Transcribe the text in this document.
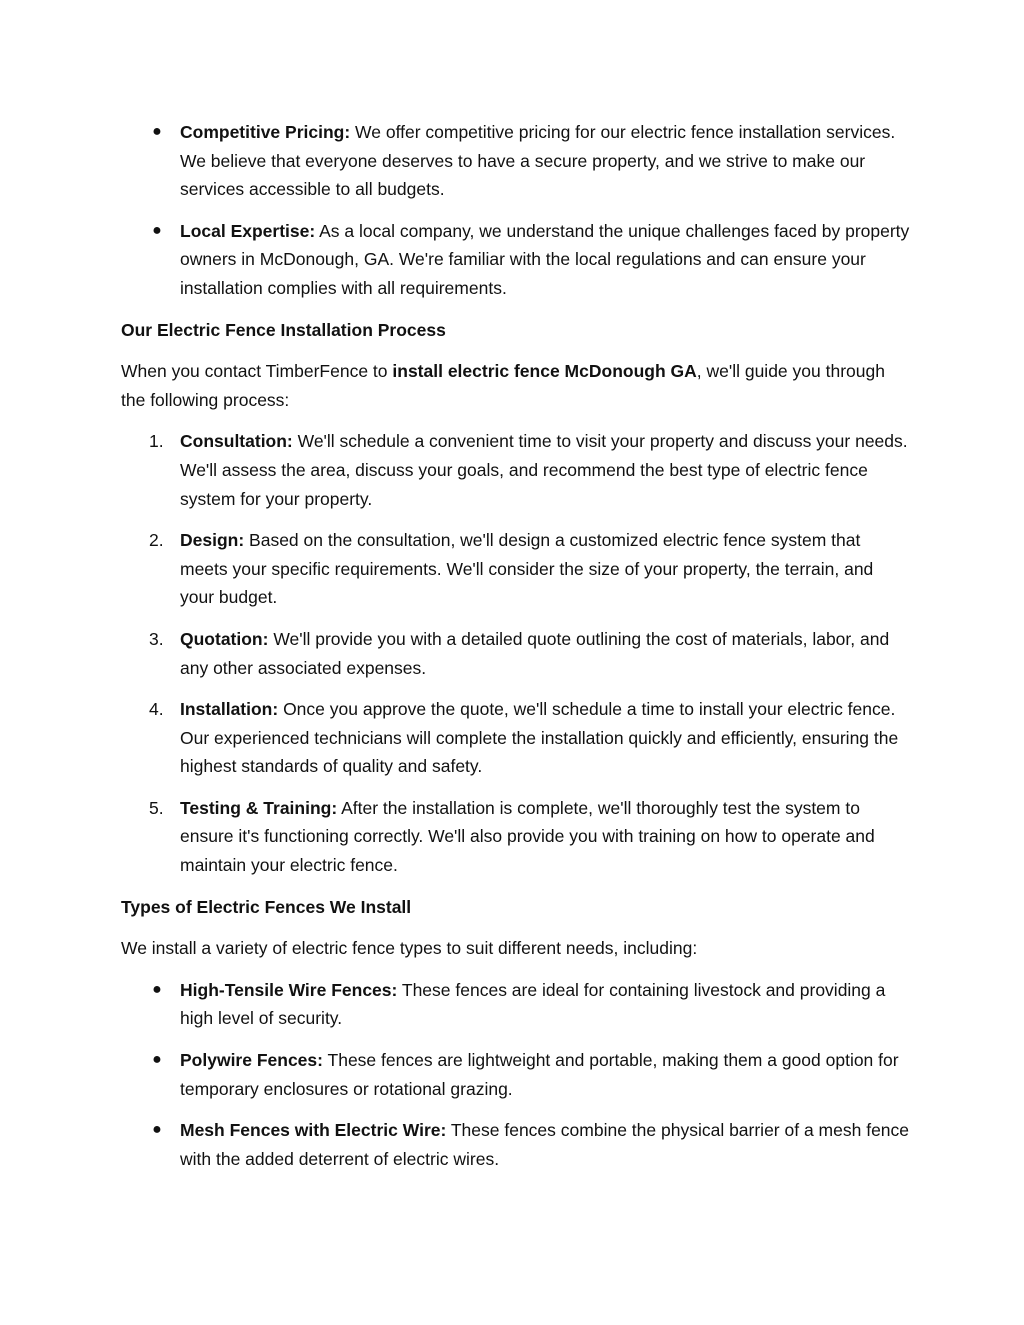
● Competitive Pricing: We offer competitive pricing for our electric fence installation services. We believe that everyone deserves to have a secure property, and we strive to make our services accessible to all budgets.
● Local Expertise: As a local company, we understand the unique challenges faced by property owners in McDonough, GA. We're familiar with the local regulations and can ensure your installation complies with all requirements.
Our Electric Fence Installation Process

When you contact TimberFence to install electric fence McDonough GA, we'll guide you through the following process:

1. Consultation: We'll schedule a convenient time to visit your property and discuss your needs. We'll assess the area, discuss your goals, and recommend the best type of electric fence system for your property.
2. Design: Based on the consultation, we'll design a customized electric fence system that meets your specific requirements. We'll consider the size of your property, the terrain, and your budget.
3. Quotation: We'll provide you with a detailed quote outlining the cost of materials, labor, and any other associated expenses.
4. Installation: Once you approve the quote, we'll schedule a time to install your electric fence. Our experienced technicians will complete the installation quickly and efficiently, ensuring the highest standards of quality and safety.
5. Testing & Training: After the installation is complete, we'll thoroughly test the system to ensure it's functioning correctly. We'll also provide you with training on how to operate and maintain your electric fence.
Types of Electric Fences We Install

We install a variety of electric fence types to suit different needs, including:

● High-Tensile Wire Fences: These fences are ideal for containing livestock and providing a high level of security.
● Polywire Fences: These fences are lightweight and portable, making them a good option for temporary enclosures or rotational grazing.
● Mesh Fences with Electric Wire: These fences combine the physical barrier of a mesh fence with the added deterrent of electric wires.
